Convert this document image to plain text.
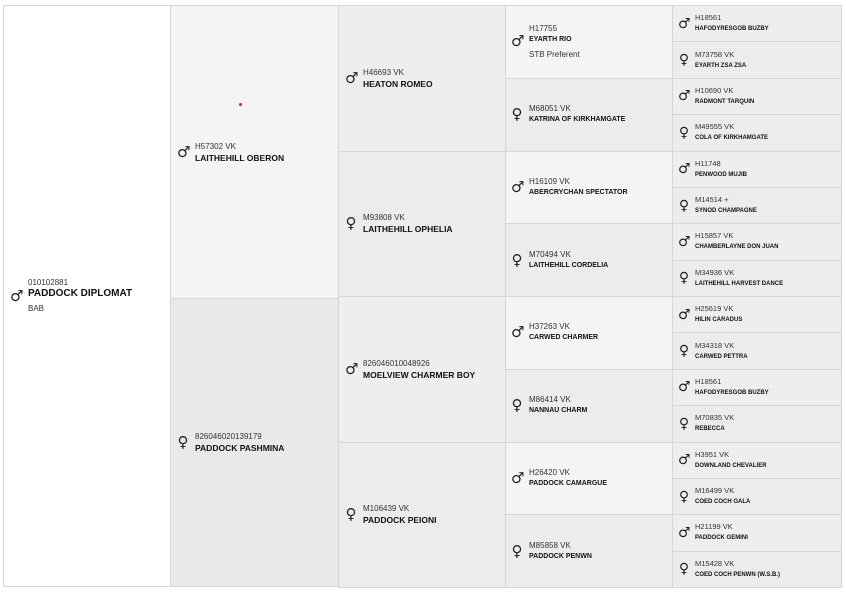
♂
010102881
PADDOCK DIPLOMAT
BAB
♂ H57302 VK
LAITHEHILL OBERON
♀ 826046020139179
PADDOCK PASHMINA
♂ H46693 VK
HEATON ROMEO
♀ M93808 VK
LAITHEHILL OPHELIA
♂ 826046010048926
MOELVIEW CHARMER BOY
♀ M106439 VK
PADDOCK PEIONI
♂
H17755
EYARTH RIO
STB Preferent
♀ M68051 VK
KATRINA OF KIRKHAMGATE
♂ H16109 VK
ABERCRYCHAN SPECTATOR
♀ M70494 VK
LAITHEHILL CORDELIA
♂ H37263 VK
CARWED CHARMER
♀ M86414 VK
NANNAU CHARM
♂ H26420 VK
PADDOCK CAMARGUE
♀ M85858 VK
PADDOCK PENWN
♂ H18561
HAFODYRESGOB BUZBY
♀ M73758 VK
EYARTH ZSA ZSA
♂ H10690 VK
RADMONT TARQUIN
♀ M49555 VK
COLA OF KIRKHAMGATE
♂ H11748
PENWOOD MUJIB
♀ M14514 +
SYNOD CHAMPAGNE
♂ H15857 VK
CHAMBERLAYNE DON JUAN
♀ M34936 VK
LAITHEHILL HARVEST DANCE
♂ H25619 VK
HILIN CARADUS
♀ M34318 VK
CARWED PETTRA
♂ H18561
HAFODYRESGOB BUZBY
♀ M70835 VK
REBECCA
♂ H3951 VK
DOWNLAND CHEVALIER
♀ M16499 VK
COED COCH GALA
♂ H21199 VK
PADDOCK GEMINI
♀ M15428 VK
COED COCH PENWN (W.S.B.)
